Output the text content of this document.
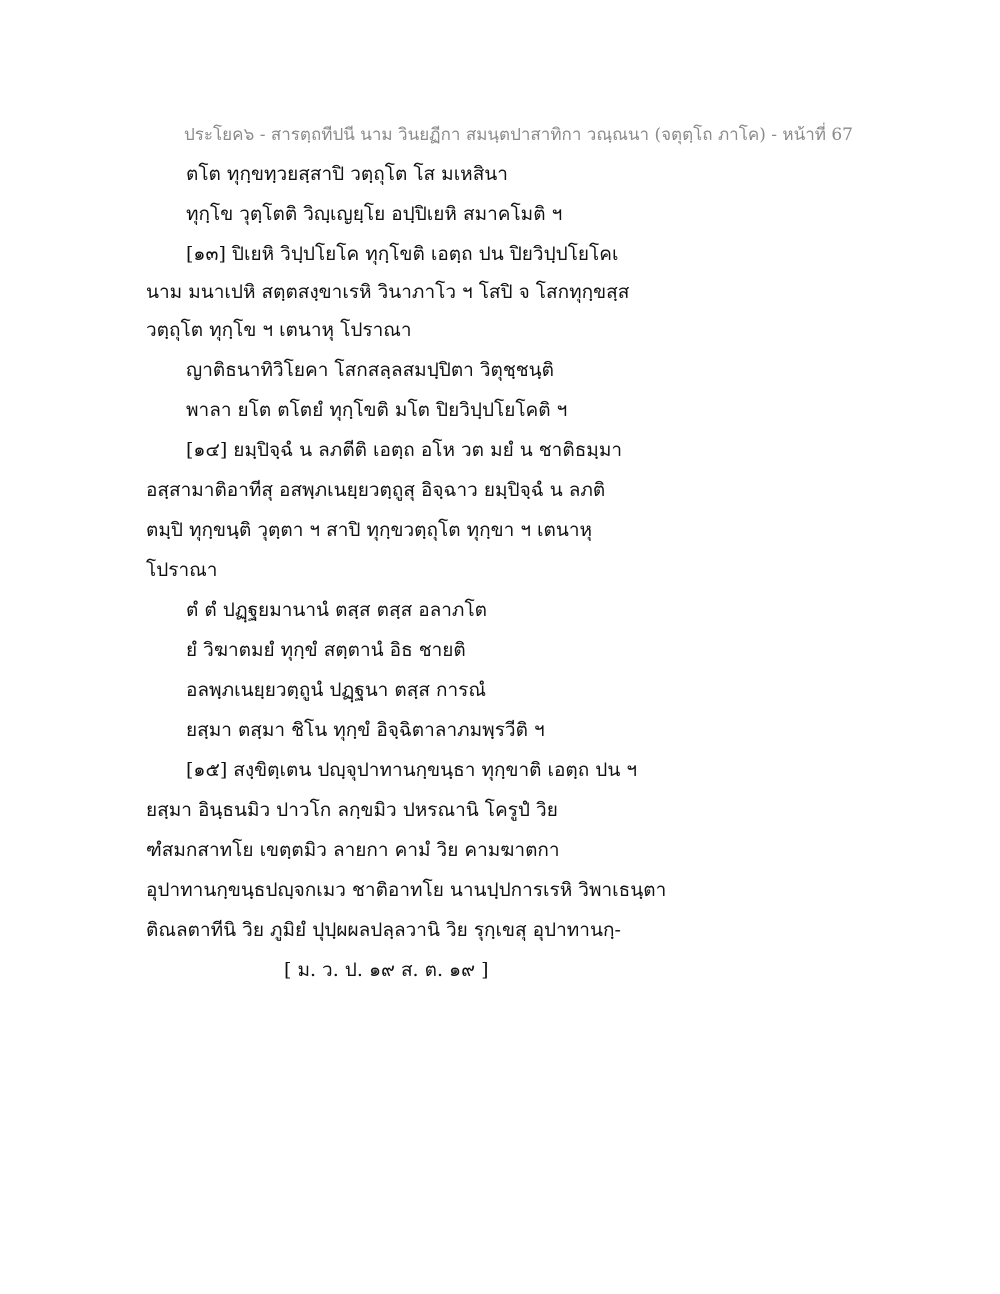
ประโยค๖ - สารตฺถทีปนี นาม วินยฏีกา สมนฺตปาสาทิกา วณฺณนา (จตุตฺโถ ภาโค) - หน้าที่ 67
ตโต ทุกฺขทฺวยสฺสาปิ วตฺถุโต โส มเหสินา
ทุกฺโข วุตฺโตติ วิญฺเญยฺโย อปฺปิเยหิ สมาคโมติ ฯ
[๑๓] ปิเยหิ วิปฺปโยโค ทุกฺโขติ เอตฺถ ปน ปิยวิปฺปโยโคเ
นาม มนาเปหิ สตฺตสงฺขาเรหิ วินาภาโว ฯ โสปิ จ โสกทุกฺขสฺส
วตฺถุโต ทุกฺโข ฯ เตนาหุ โปราณา
ญาติธนาทิวิโยคา โสกสลฺลสมปฺปิตา วิตุชฺชนฺติ
พาลา ยโต ตโตยํ ทุกฺโขติ มโต ปิยวิปฺปโยโคติ ฯ
[๑๔] ยมฺปิจฺฉํ น ลภตีติ เอตฺถ อโห วต มยํ น ชาติธมฺมา
อสฺสามาติอาทีสุ อสพฺภเนยฺยวตฺถูสุ อิจฺฉาว ยมฺปิจฺฉํ น ลภติ
ตมฺปิ ทุกฺขนฺติ วุตฺตา ฯ สาปิ ทุกฺขวตฺถุโต ทุกฺขา ฯ เตนาหุ
โปราณา
ตํ ตํ ปฏฺฐยมานานํ ตสฺส ตสฺส อลาภโต
ยํ วิฆาตมยํ ทุกฺขํ สตฺตานํ อิธ ชายติ
อลพฺภเนยฺยวตฺถูนํ ปฏฺฐนา ตสฺส การณํ
ยสฺมา ตสฺมา ชิโน ทุกฺขํ อิจฺฉิตาลาภมพฺรวีติ ฯ
[๑๕] สงฺขิตฺเตน ปญฺจุปาทานกฺขนฺธา ทุกฺขาติ เอตฺถ ปน ฯ
ยสฺมา อินฺธนมิว ปาวโก ลกฺขมิว ปหรณานิ โครูปํ วิย
ฑํสมกสาทโย เขตฺตมิว ลายกา คามํ วิย คามฆาตกา
อุปาทานกฺขนฺธปญฺจกเมว ชาติอาทโย นานปฺปการเรหิ วิพาเธนฺตา
ติณลตาทีนิ วิย ภูมิยํ ปุปฺผผลปลฺลวานิ วิย รุกฺเขสุ อุปาทานกฺ-
[ ม. ว. ป. ๑๙ ส. ต. ๑๙ ]
